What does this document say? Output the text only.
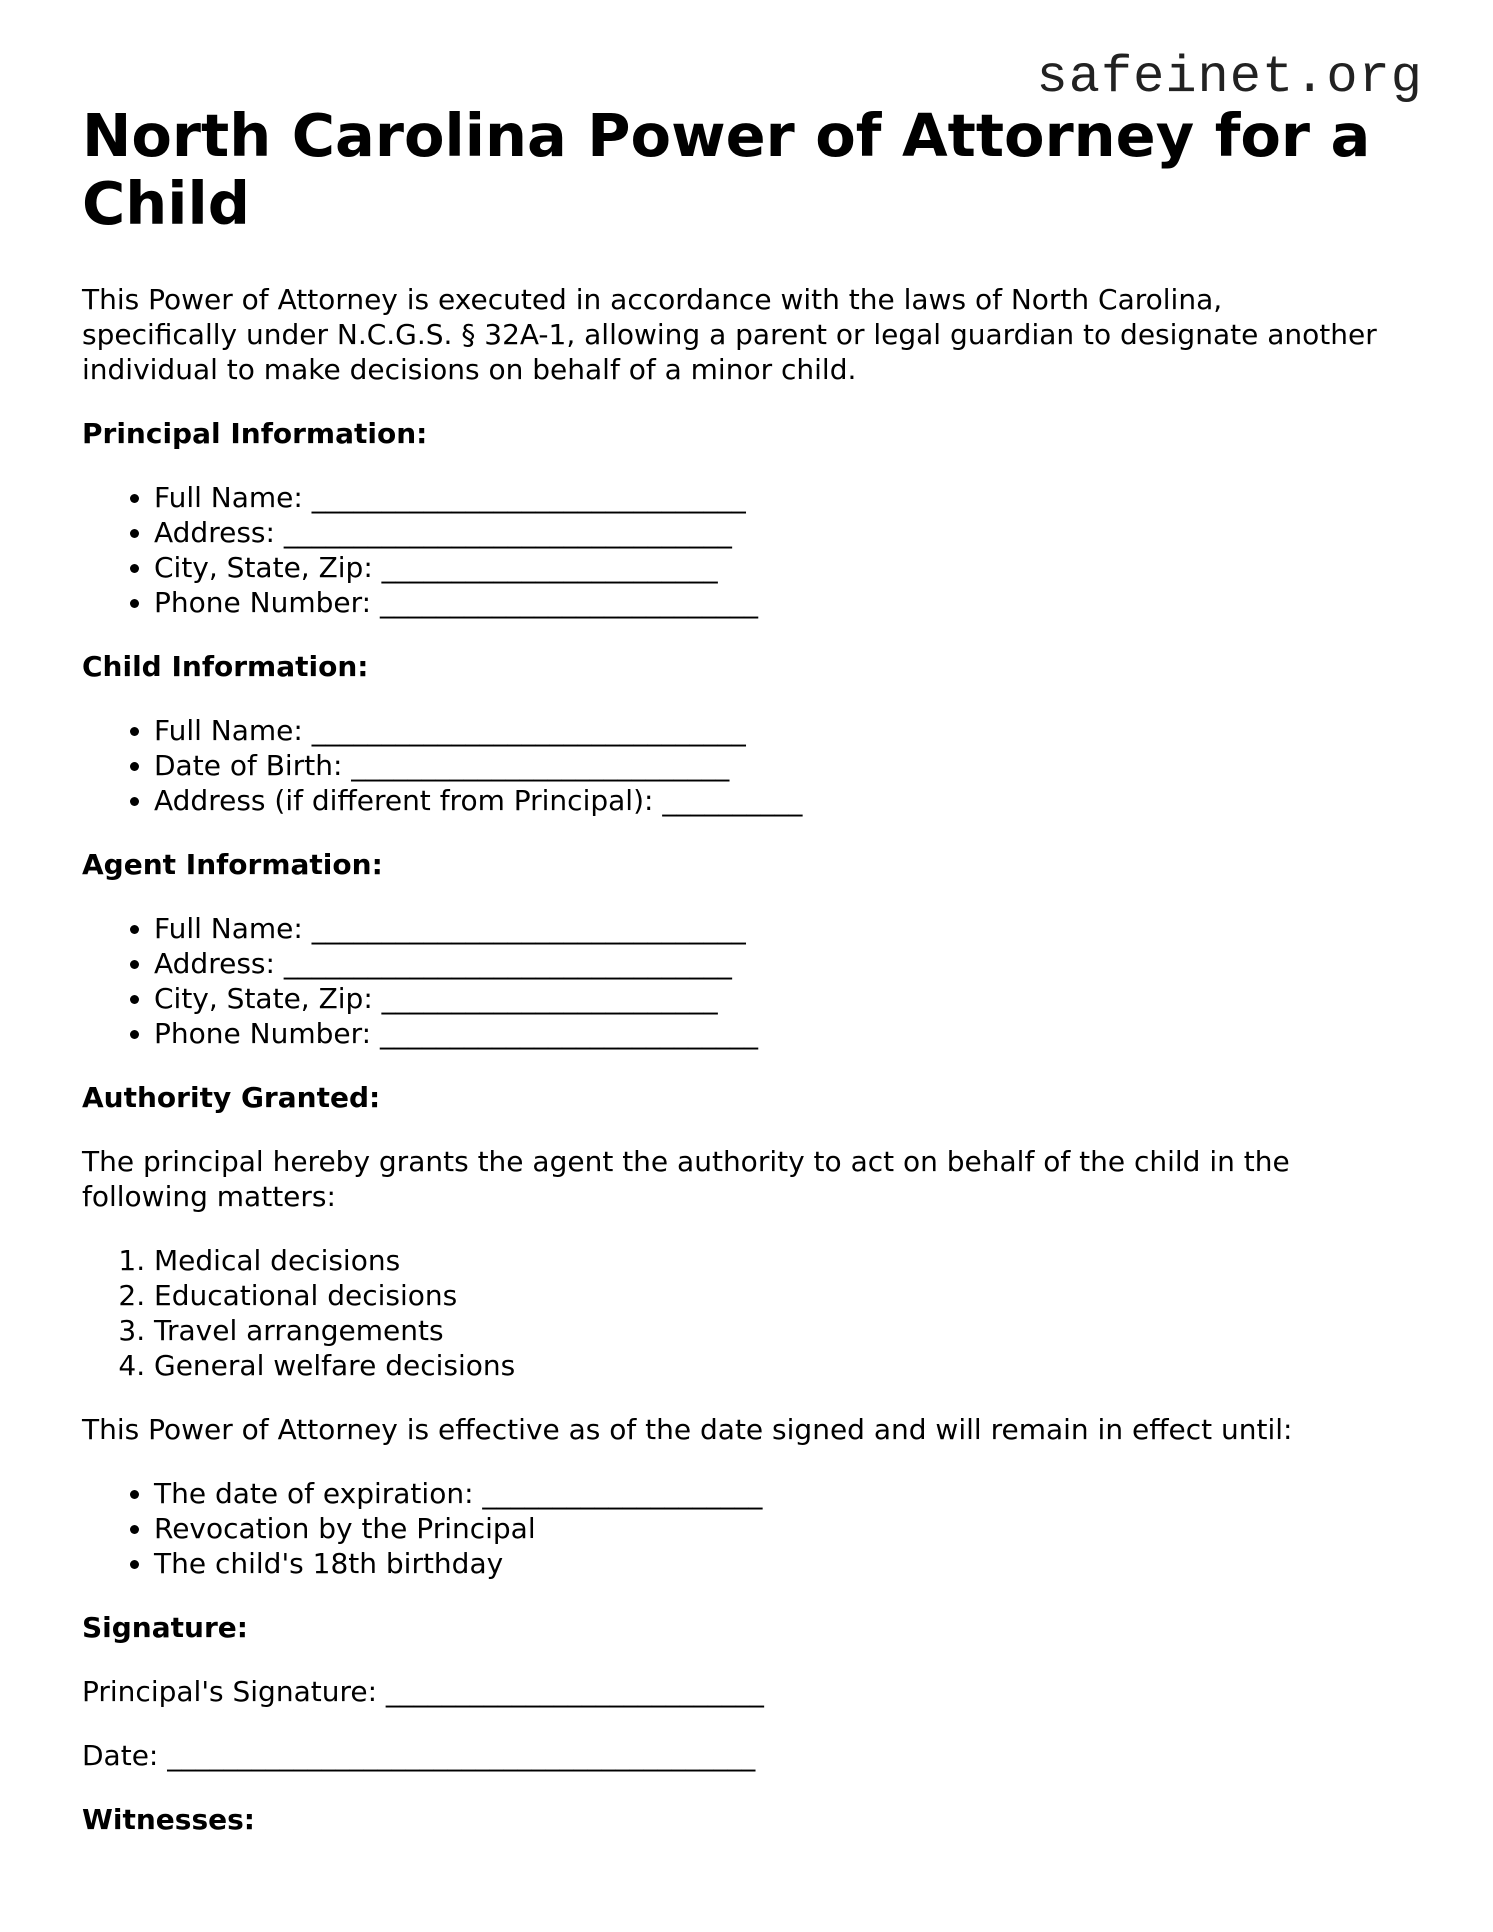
safeinet.org
North Carolina Power of Attorney for a Child

This Power of Attorney is executed in accordance with the laws of North Carolina, specifically under N.C.G.S. § 32A-1, allowing a parent or legal guardian to designate another individual to make decisions on behalf of a minor child.

Principal Information:

• Full Name: _______________________________
• Address: ________________________________
• City, State, Zip: ________________________
• Phone Number: ___________________________

Child Information:

• Full Name: _______________________________
• Date of Birth: ___________________________
• Address (if different from Principal): __________

Agent Information:

• Full Name: _______________________________
• Address: ________________________________
• City, State, Zip: ________________________
• Phone Number: ___________________________

Authority Granted:

The principal hereby grants the agent the authority to act on behalf of the child in the following matters:

1. Medical decisions
2. Educational decisions
3. Travel arrangements
4. General welfare decisions

This Power of Attorney is effective as of the date signed and will remain in effect until:

• The date of expiration: ____________________
• Revocation by the Principal
• The child's 18th birthday

Signature:

Principal's Signature: ___________________________

Date: __________________________________________

Witnesses:
